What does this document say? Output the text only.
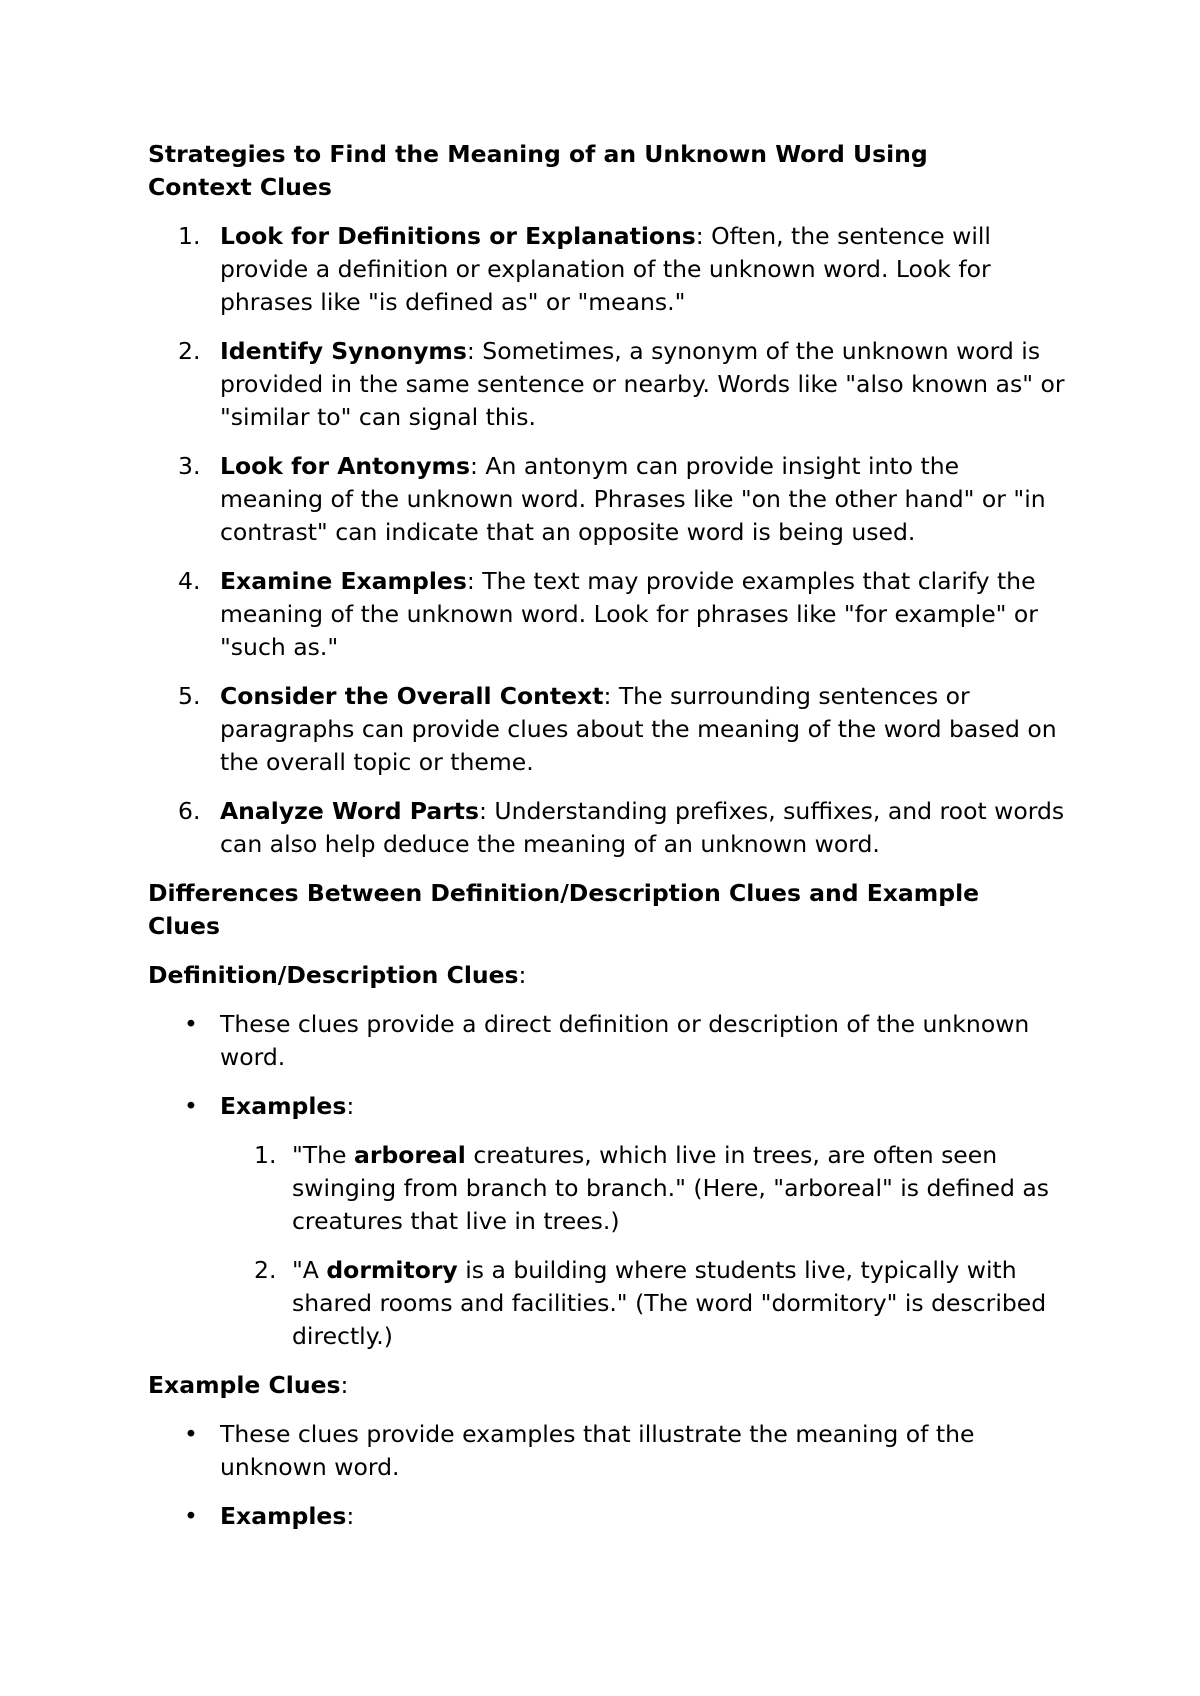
Strategies to Find the Meaning of an Unknown Word Using Context Clues
1. Look for Definitions or Explanations: Often, the sentence will provide a definition or explanation of the unknown word. Look for phrases like "is defined as" or "means."
2. Identify Synonyms: Sometimes, a synonym of the unknown word is provided in the same sentence or nearby. Words like "also known as" or "similar to" can signal this.
3. Look for Antonyms: An antonym can provide insight into the meaning of the unknown word. Phrases like "on the other hand" or "in contrast" can indicate that an opposite word is being used.
4. Examine Examples: The text may provide examples that clarify the meaning of the unknown word. Look for phrases like "for example" or "such as."
5. Consider the Overall Context: The surrounding sentences or paragraphs can provide clues about the meaning of the word based on the overall topic or theme.
6. Analyze Word Parts: Understanding prefixes, suffixes, and root words can also help deduce the meaning of an unknown word.
Differences Between Definition/Description Clues and Example Clues
Definition/Description Clues:
• These clues provide a direct definition or description of the unknown word.
• Examples:
1. "The arboreal creatures, which live in trees, are often seen swinging from branch to branch." (Here, "arboreal" is defined as creatures that live in trees.)
2. "A dormitory is a building where students live, typically with shared rooms and facilities." (The word "dormitory" is described directly.)
Example Clues:
• These clues provide examples that illustrate the meaning of the unknown word.
• Examples:
